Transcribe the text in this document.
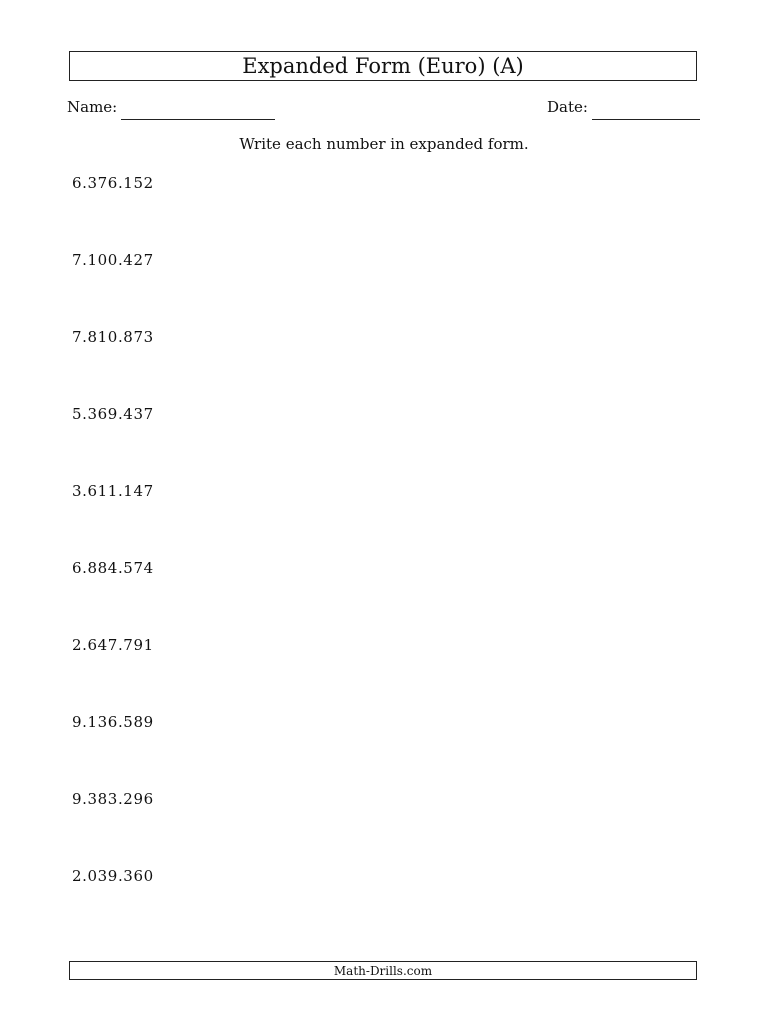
Expanded Form (Euro) (A)
Name:	Date:
Write each number in expanded form.
6.376.152
7.100.427
7.810.873
5.369.437
3.611.147
6.884.574
2.647.791
9.136.589
9.383.296
2.039.360
Math-Drills.com
